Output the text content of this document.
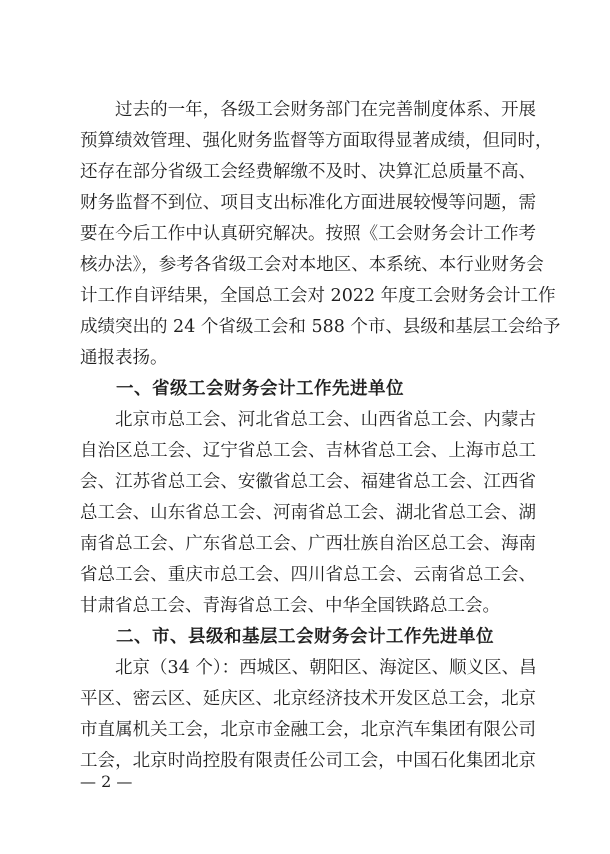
过去的一年，各级工会财务部门在完善制度体系、开展
预算绩效管理、强化财务监督等方面取得显著成绩，但同时，
还存在部分省级工会经费解缴不及时、决算汇总质量不高、
财务监督不到位、项目支出标准化方面进展较慢等问题，需
要在今后工作中认真研究解决。按照《工会财务会计工作考
核办法》，参考各省级工会对本地区、本系统、本行业财务会
计工作自评结果，全国总工会对 2022 年度工会财务会计工作
成绩突出的 24 个省级工会和 588 个市、县级和基层工会给予
通报表扬。
一、省级工会财务会计工作先进单位
北京市总工会、河北省总工会、山西省总工会、内蒙古
自治区总工会、辽宁省总工会、吉林省总工会、上海市总工
会、江苏省总工会、安徽省总工会、福建省总工会、江西省
总工会、山东省总工会、河南省总工会、湖北省总工会、湖
南省总工会、广东省总工会、广西壮族自治区总工会、海南
省总工会、重庆市总工会、四川省总工会、云南省总工会、
甘肃省总工会、青海省总工会、中华全国铁路总工会。
二、市、县级和基层工会财务会计工作先进单位
北京（34 个）：西城区、朝阳区、海淀区、顺义区、昌
平区、密云区、延庆区、北京经济技术开发区总工会，北京
市直属机关工会，北京市金融工会，北京汽车集团有限公司
工会，北京时尚控股有限责任公司工会，中国石化集团北京
— 2 —
